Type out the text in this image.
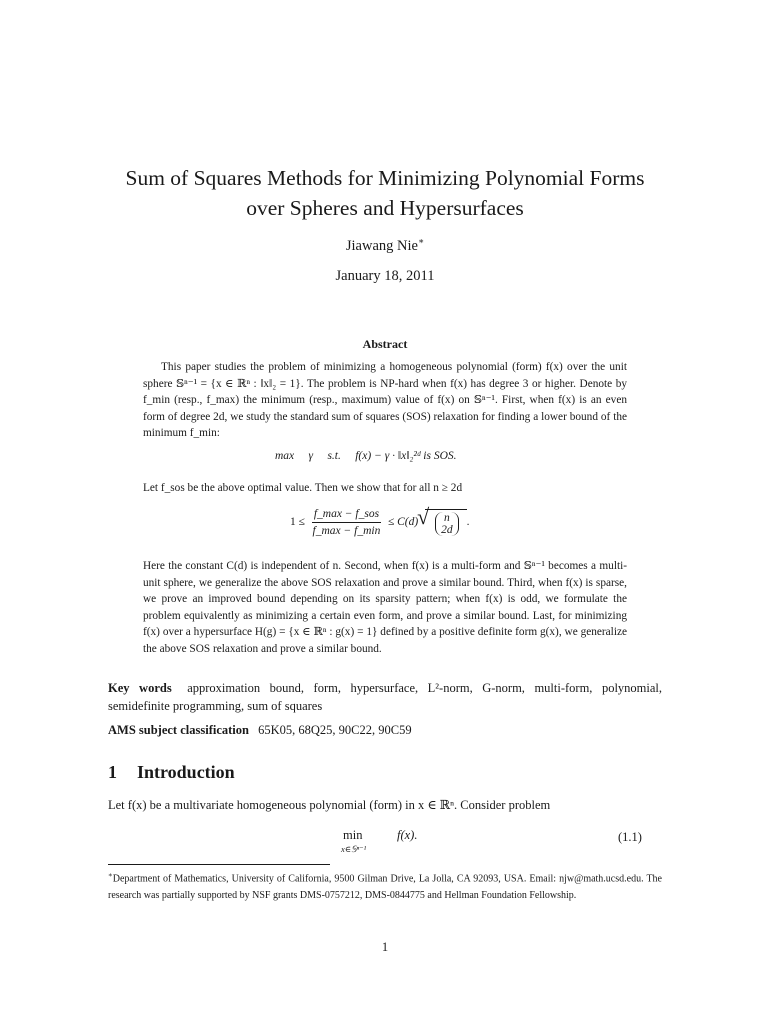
Sum of Squares Methods for Minimizing Polynomial Forms
over Spheres and Hypersurfaces
Jiawang Nie∗
January 18, 2011
Abstract
This paper studies the problem of minimizing a homogeneous polynomial (form) f(x) over the unit sphere 𝕊ⁿ⁻¹ = {x ∈ ℝⁿ : ‖x‖₂ = 1}. The problem is NP-hard when f(x) has degree 3 or higher. Denote by f_min (resp., f_max) the minimum (resp., maximum) value of f(x) on 𝕊ⁿ⁻¹. First, when f(x) is an even form of degree 2d, we study the standard sum of squares (SOS) relaxation for finding a lower bound of the minimum f_min:
max     γ     s.t.     f(x) − γ · ‖x‖₂²ᵈ is SOS.
Let f_sos be the above optimal value. Then we show that for all n ≥ 2d
$1 \le \frac{\text{f\_max − f\_sos}}{f\_\max - f\_\min} \le C(d)$
√ n
2d
.
Here the constant C(d) is independent of n. Second, when f(x) is a multi-form and 𝕊ⁿ⁻¹ becomes a multi-unit sphere, we generalize the above SOS relaxation and prove a similar bound. Third, when f(x) is sparse, we prove an improved bound depending on its sparsity pattern; when f(x) is odd, we formulate the problem equivalently as minimizing a certain even form, and prove a similar bound. Last, for minimizing f(x) over a hypersurface H(g) = {x ∈ ℝⁿ : g(x) = 1} defined by a positive definite form g(x), we generalize the above SOS relaxation and prove a similar bound.
Key words approximation bound, form, hypersurface, L²-norm, G-norm, multi-form, polynomial, semidefinite programming, sum of squares
AMS subject classification 65K05, 68Q25, 90C22, 90C59
1 Introduction
Let f(x) be a multivariate homogeneous polynomial (form) in x ∈ ℝⁿ. Consider problem
min
x∈𝕊ⁿ⁻¹
f(x).	(1.1)
∗Department of Mathematics, University of California, 9500 Gilman Drive, La Jolla, CA 92093, USA. Email: njw@math.ucsd.edu. The research was partially supported by NSF grants DMS-0757212, DMS-0844775 and Hellman Foundation Fellowship.
1
